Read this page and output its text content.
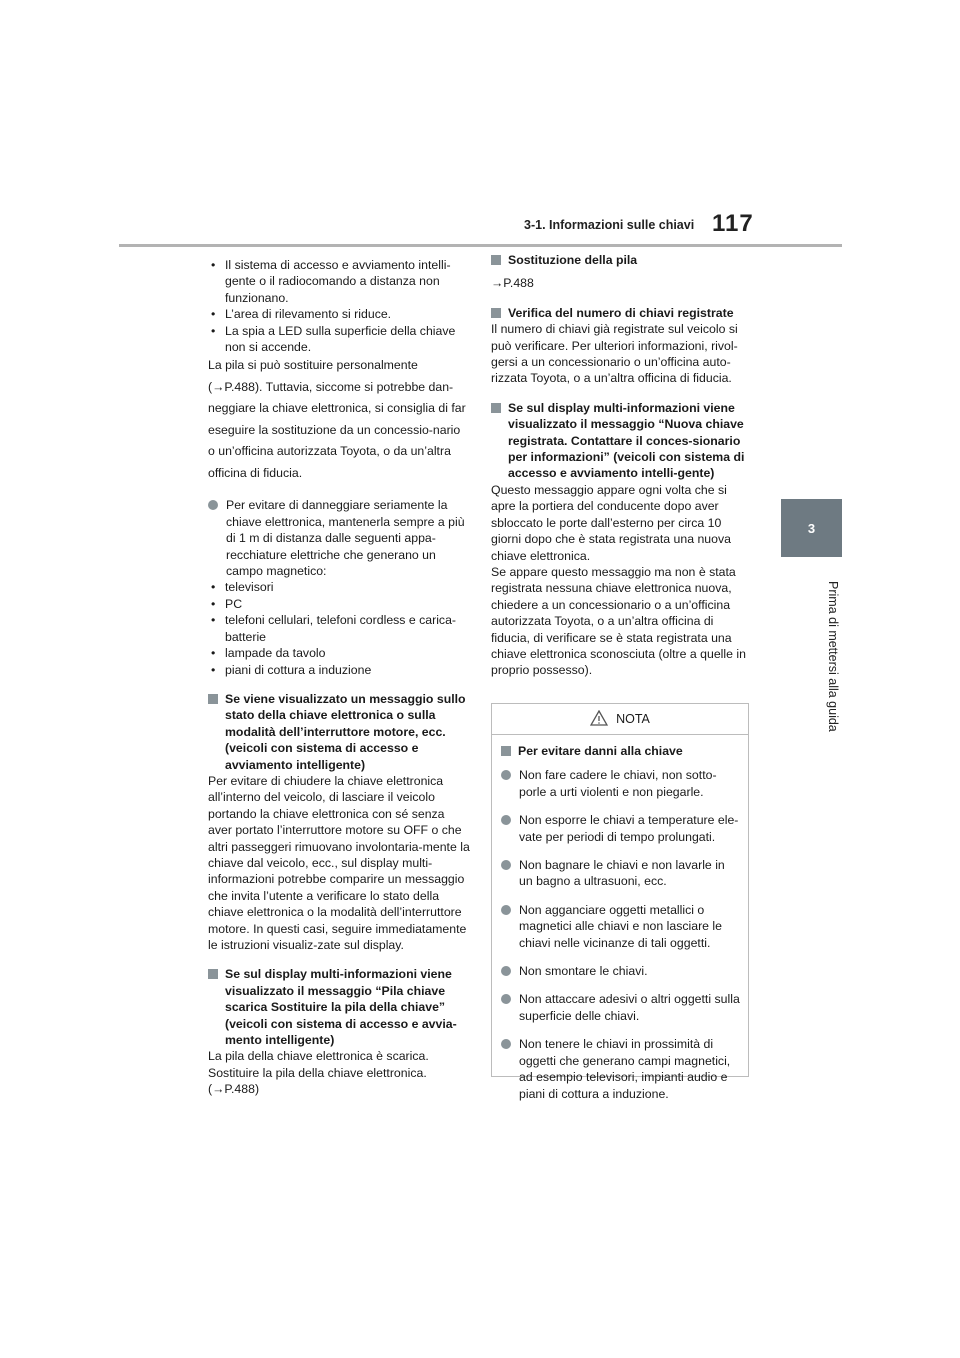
3-1. Informazioni sulle chiavi 117
3
Prima di mettersi alla guida
• Il sistema di accesso e avviamento intelli-gente o il radiocomando a distanza non funzionano.
• L’area di rilevamento si riduce.
• La spia a LED sulla superficie della chiave non si accende.

La pila si può sostituire personalmente (→P.488). Tuttavia, siccome si potrebbe dan-neggiare la chiave elettronica, si consiglia di far eseguire la sostituzione da un concessio-nario o un’officina autorizzata Toyota, o da un’altra officina di fiducia.

Per evitare di danneggiare seriamente la chiave elettronica, mantenerla sempre a più di 1 m di distanza dalle seguenti appa-recchiature elettriche che generano un campo magnetico:

• televisori
• PC
• telefoni cellulari, telefoni cordless e carica-batterie
• lampade da tavolo
• piani di cottura a induzione
Se viene visualizzato un messaggio sullo stato della chiave elettronica o sulla modalità dell’interruttore motore, ecc. (veicoli con sistema di accesso e avviamento intelligente)

Per evitare di chiudere la chiave elettronica all’interno del veicolo, di lasciare il veicolo portando la chiave elettronica con sé senza aver portato l’interruttore motore su OFF o che altri passeggeri rimuovano involontaria-mente la chiave dal veicolo, ecc., sul display multi-informazioni potrebbe comparire un messaggio che invita l’utente a verificare lo stato della chiave elettronica o la modalità dell’interruttore motore. In questi casi, seguire immediatamente le istruzioni visualiz-zate sul display.

Se sul display multi-informazioni viene visualizzato il messaggio “Pila chiave scarica Sostituire la pila della chiave” (veicoli con sistema di accesso e avvia-mento intelligente)

La pila della chiave elettronica è scarica. Sostituire la pila della chiave elettronica. (→P.488)

Sostituzione della pila

→P.488

Verifica del numero di chiavi registrate

Il numero di chiavi già registrate sul veicolo si può verificare. Per ulteriori informazioni, rivol-gersi a un concessionario o un’officina auto-rizzata Toyota, o a un’altra officina di fiducia.

Se sul display multi-informazioni viene visualizzato il messaggio “Nuova chiave registrata. Contattare il conces-sionario per informazioni” (veicoli con sistema di accesso e avviamento intelli-gente)

Questo messaggio appare ogni volta che si apre la portiera del conducente dopo aver sbloccato le porte dall’esterno per circa 10 giorni dopo che è stata registrata una nuova chiave elettronica.

Se appare questo messaggio ma non è stata registrata nessuna chiave elettronica nuova, chiedere a un concessionario o a un’officina autorizzata Toyota, o a un’altra officina di fiducia, di verificare se è stata registrata una chiave elettronica sconosciuta (oltre a quelle in proprio possesso).

NOTA
Per evitare danni alla chiave
Non fare cadere le chiavi, non sotto-porle a urti violenti e non piegarle.
Non esporre le chiavi a temperature ele-vate per periodi di tempo prolungati.
Non bagnare le chiavi e non lavarle in un bagno a ultrasuoni, ecc.
Non agganciare oggetti metallici o magnetici alle chiavi e non lasciare le chiavi nelle vicinanze di tali oggetti.
Non smontare le chiavi.
Non attaccare adesivi o altri oggetti sulla superficie delle chiavi.
Non tenere le chiavi in prossimità di oggetti che generano campi magnetici, ad esempio televisori, impianti audio e piani di cottura a induzione.
